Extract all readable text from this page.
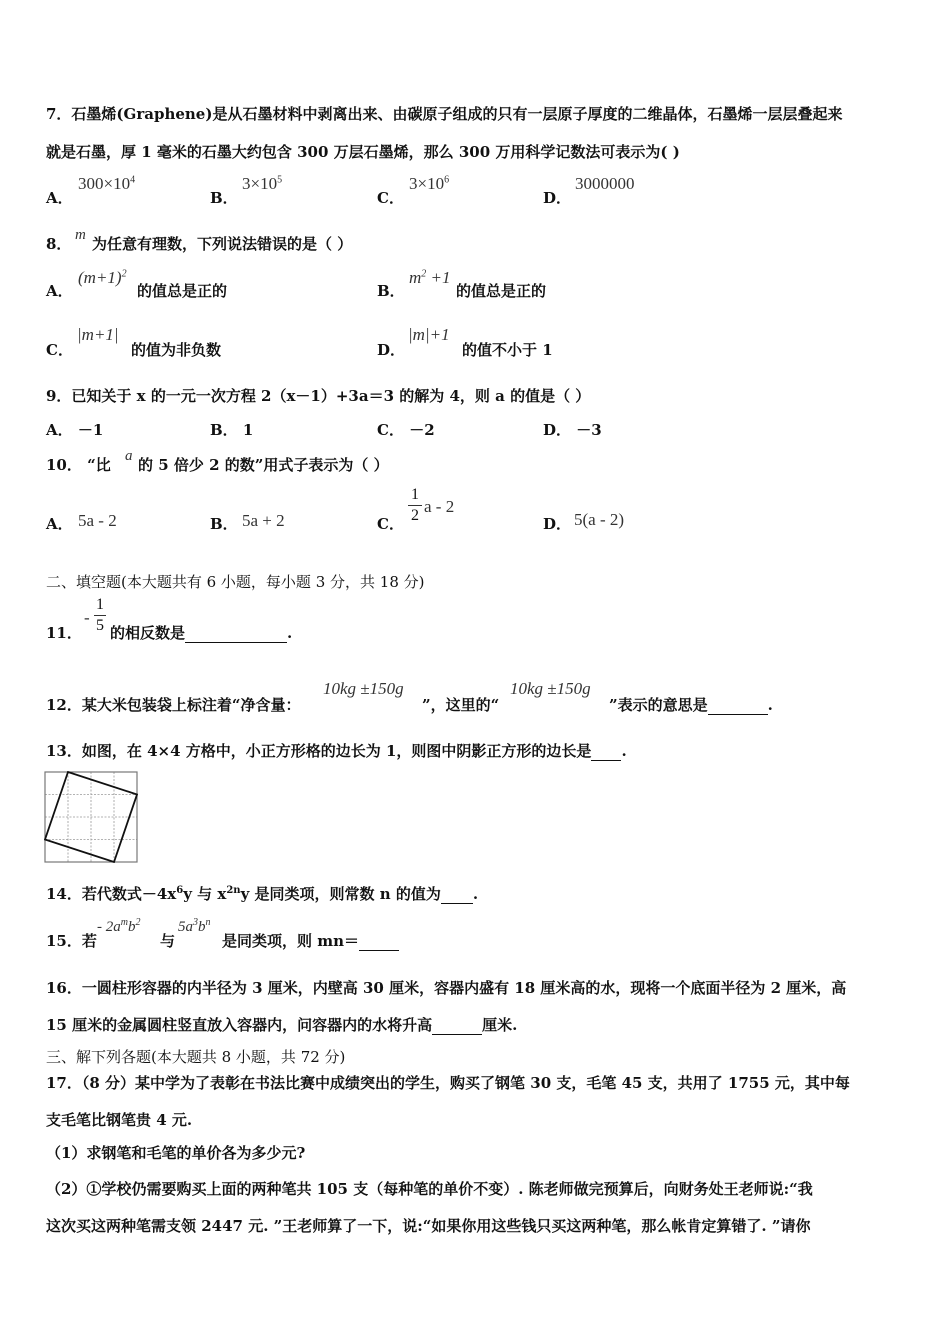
7．石墨烯(Graphene)是从石墨材料中剥离出来、由碳原子组成的只有一层原子厚度的二维晶体，石墨烯一层层叠起来
就是石墨，厚 1 毫米的石墨大约包含 300 万层石墨烯，那么 300 万用科学记数法可表示为( )
A．
$300\times 10^4$
B．
$3\times 10^5$
C．
$3\times 10^6$
D．
3000000
8． m 为任意有理数，下列说法错误的是（ ）
A．
$(m+1)^2$
的值总是正的	B．
$m^2 +1$
的值总是正的
C．
|m+1|
的值为非负数	D．
|m|+1
的值不小于 1
9．已知关于 x 的一元一次方程 2（x－1）+3a＝3 的解为 4，则 a 的值是（ ）
A． －1	B． 1	C． －2	D． －3
10． “比 a 的 5 倍少 2 的数”用式子表示为（ ）
A． 5a - 2	B． 5a + 2	C．
1
2 a - 2
D． 5(a - 2)
二、填空题(本大题共有 6 小题，每小题 3 分，共 18 分)
11．
-
1
5 的相反数是	.
12．某大米包装袋上标注着“净含量：
10kg ±150g
”，这里的“
10kg ±150g
”表示的意思是	.
13．如图，在 4×4 方格中，小正方形格的边长为 1，则图中阴影正方形的边长是 .
14．若代数式$-4x^6y$ 与 $x^{2n}y$ 是同类项，则常数 n 的值为 .
15．若
- $2a^mb^2$
与
$5a^3b^n$
是同类项，则 mn＝
16．一圆柱形容器的内半径为 3 厘米，内壁高 30 厘米，容器内盛有 18 厘米高的水，现将一个底面半径为 2 厘米，高
15 厘米的金属圆柱竖直放入容器内，问容器内的水将升高	厘米.
三、解下列各题(本大题共 8 小题，共 72 分)
17．（8 分）某中学为了表彰在书法比赛中成绩突出的学生，购买了钢笔 30 支，毛笔 45 支，共用了 1755 元，其中每
支毛笔比钢笔贵 4 元.
（1）求钢笔和毛笔的单价各为多少元?
（2）①学校仍需要购买上面的两种笔共 105 支（每种笔的单价不变）. 陈老师做完预算后，向财务处王老师说:“我
这次买这两种笔需支领 2447 元. ”王老师算了一下，说:“如果你用这些钱只买这两种笔，那么帐肯定算错了. ”请你
